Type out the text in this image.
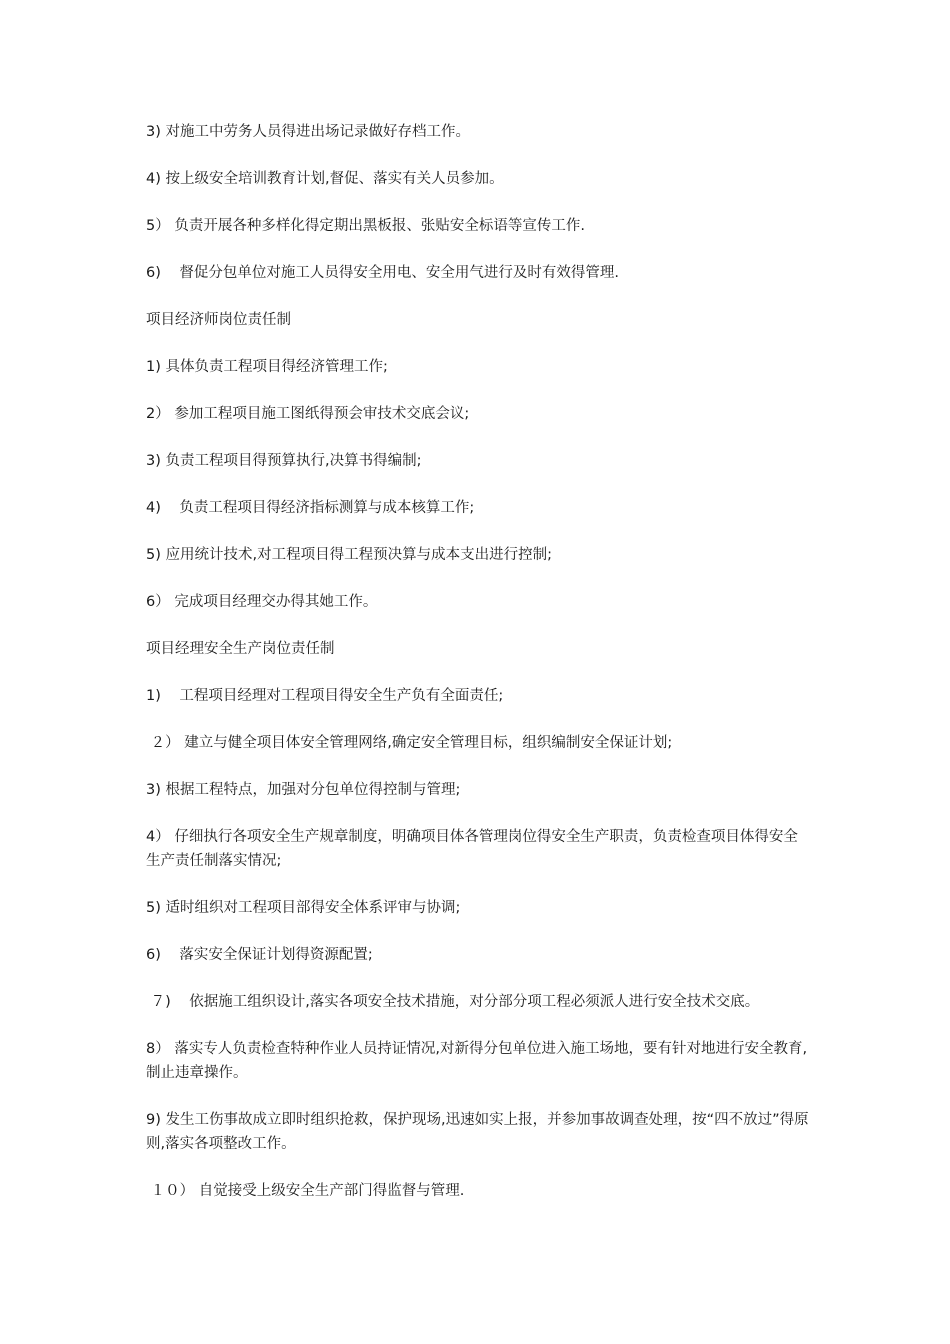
3) 对施工中劳务人员得进出场记录做好存档工作。

4) 按上级安全培训教育计划,督促、落实有关人员参加。

5） 负责开展各种多样化得定期出黑板报、张贴安全标语等宣传工作.

6)    督促分包单位对施工人员得安全用电、安全用气进行及时有效得管理.

项目经济师岗位责任制

1) 具体负责工程项目得经济管理工作;

2） 参加工程项目施工图纸得预会审技术交底会议;

3) 负责工程项目得预算执行,决算书得编制;

4)    负责工程项目得经济指标测算与成本核算工作;

5) 应用统计技术,对工程项目得工程预决算与成本支出进行控制;

6） 完成项目经理交办得其她工作。

项目经理安全生产岗位责任制

1)    工程项目经理对工程项目得安全生产负有全面责任;

２） 建立与健全项目体安全管理网络,确定安全管理目标，组织编制安全保证计划;

3) 根据工程特点，加强对分包单位得控制与管理;

4） 仔细执行各项安全生产规章制度，明确项目体各管理岗位得安全生产职责，负责检查项目体得安全生产责任制落实情况;

5) 适时组织对工程项目部得安全体系评审与协调;

6)    落实安全保证计划得资源配置;

７)    依据施工组织设计,落实各项安全技术措施，对分部分项工程必须派人进行安全技术交底。

8） 落实专人负责检查特种作业人员持证情况,对新得分包单位进入施工场地，要有针对地进行安全教育,制止违章操作。

9) 发生工伤事故成立即时组织抢救，保护现场,迅速如实上报，并参加事故调查处理，按“四不放过”得原则,落实各项整改工作。

１０） 自觉接受上级安全生产部门得监督与管理.
